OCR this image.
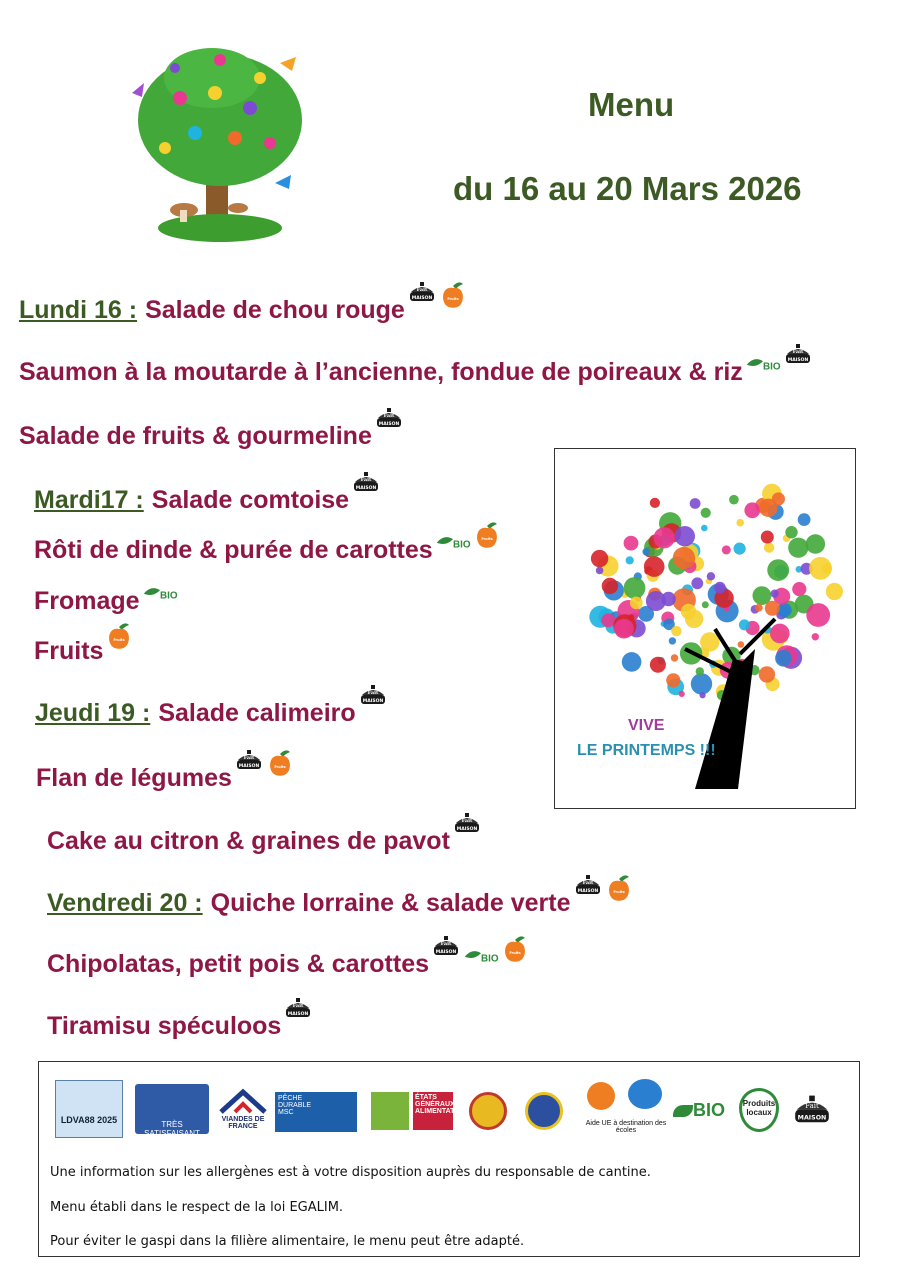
Menu
du 16 au 20 Mars 2026
Lundi 16 : Salade de chou rouge
Saumon à la moutarde à l’ancienne, fondue de poireaux & riz
Salade de fruits & gourmeline
Mardi17 : Salade comtoise
Rôti de dinde & purée de carottes
Fromage
Fruits
Jeudi 19 : Salade calimeiro
Flan de légumes
Cake au citron & graines de pavot
Vendredi 20 : Quiche lorraine & salade verte
Chipolatas, petit pois & carottes
Tiramisu spéculoos
VIVE
LE PRINTEMPS !!!
LDVA88 2025	TRÈS SATISFAISANT
VIANDES DE FRANCE
PÊCHE DURABLE MSC
ÉTATS GÉNÉRAUX ALIMENTATION
Aide UE à destination des écoles
BIO	Produits locaux
Une information sur les allergènes est à votre disposition auprès du responsable de cantine.
Menu établi dans le respect de la loi EGALIM.
Pour éviter le gaspi dans la filière alimentaire, le menu peut être adapté.
